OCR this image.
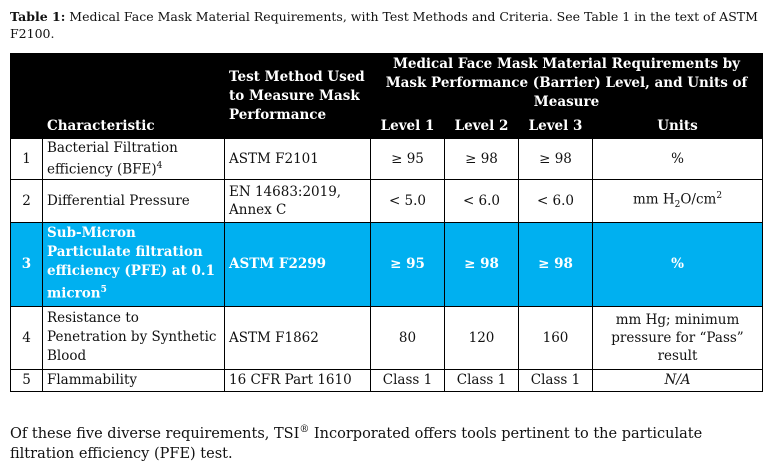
Table 1: Medical Face Mask Material Requirements, with Test Methods and Criteria. See Table 1 in the text of ASTM F2100.
	Characteristic	Test Method Used to Measure Mask Performance	Medical Face Mask Material Requirements by Mask Performance (Barrier) Level, and Units of Measure			
			Level 1	Level 2	Level 3	Units
1	Bacterial Filtration efficiency (BFE)$^4$	ASTM F2101	≥ 95	≥ 98	≥ 98	%
2	Differential Pressure	EN 14683:2019, Annex C	< 5.0	< 6.0	< 6.0	mm $H_2O/cm^2$
3	Sub-Micron Particulate filtration efficiency (PFE) at 0.1 micron$^5$	ASTM F2299	≥ 95	≥ 98	≥ 98	%
4	Resistance to Penetration by Synthetic Blood	ASTM F1862	80	120	160	mm Hg; minimum pressure for “Pass” result
5	Flammability	16 CFR Part 1610	Class 1	Class 1	Class 1	N/A
Of these five diverse requirements, TSI® Incorporated offers tools pertinent to the particulate filtration efficiency (PFE) test.
